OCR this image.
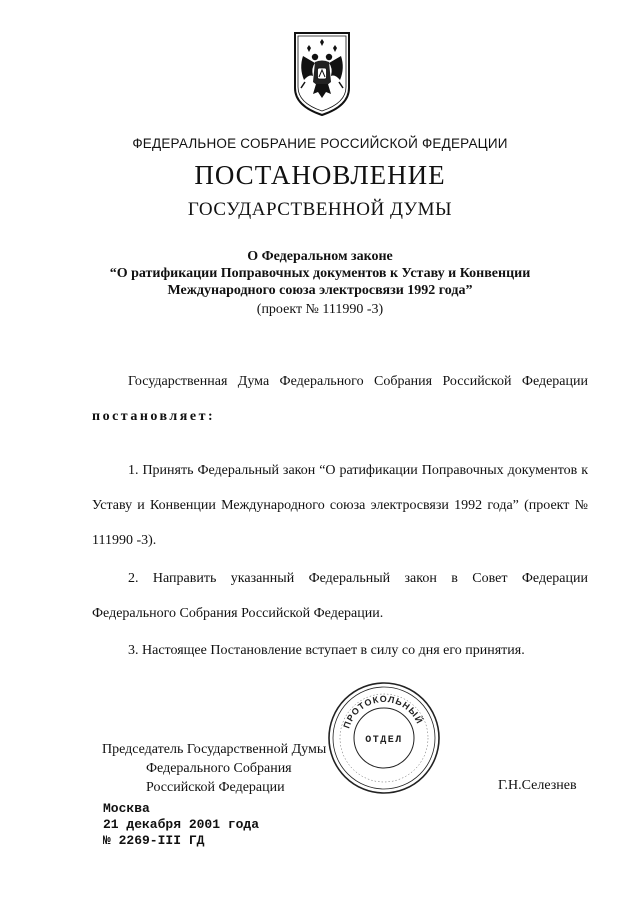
ФЕДЕРАЛЬНОЕ СОБРАНИЕ РОССИЙСКОЙ ФЕДЕРАЦИИ
ПОСТАНОВЛЕНИЕ
ГОСУДАРСТВЕННОЙ ДУМЫ
О Федеральном законе
“О ратификации Поправочных документов к Уставу и Конвенции
Международного союза электросвязи 1992 года”
(проект № 111990 -3)
Государственная Дума Федерального Собрания Российской Федерации постановляет:
1. Принять Федеральный закон “О ратификации Поправочных документов к Уставу и Конвенции Международного союза электросвязи 1992 года” (проект № 111990 -3).
2. Направить указанный Федеральный закон в Совет Федерации Федерального Собрания Российской Федерации.
3. Настоящее Постановление вступает в силу со дня его принятия.
Председатель Государственной Думы
Федерального Собрания
Российской Федерации
ПРОТОКОЛЬНЫЙ
ОТДЕЛ
Г.Н.Селезнев
Москва
21 декабря 2001 года
№ 2269-III ГД
